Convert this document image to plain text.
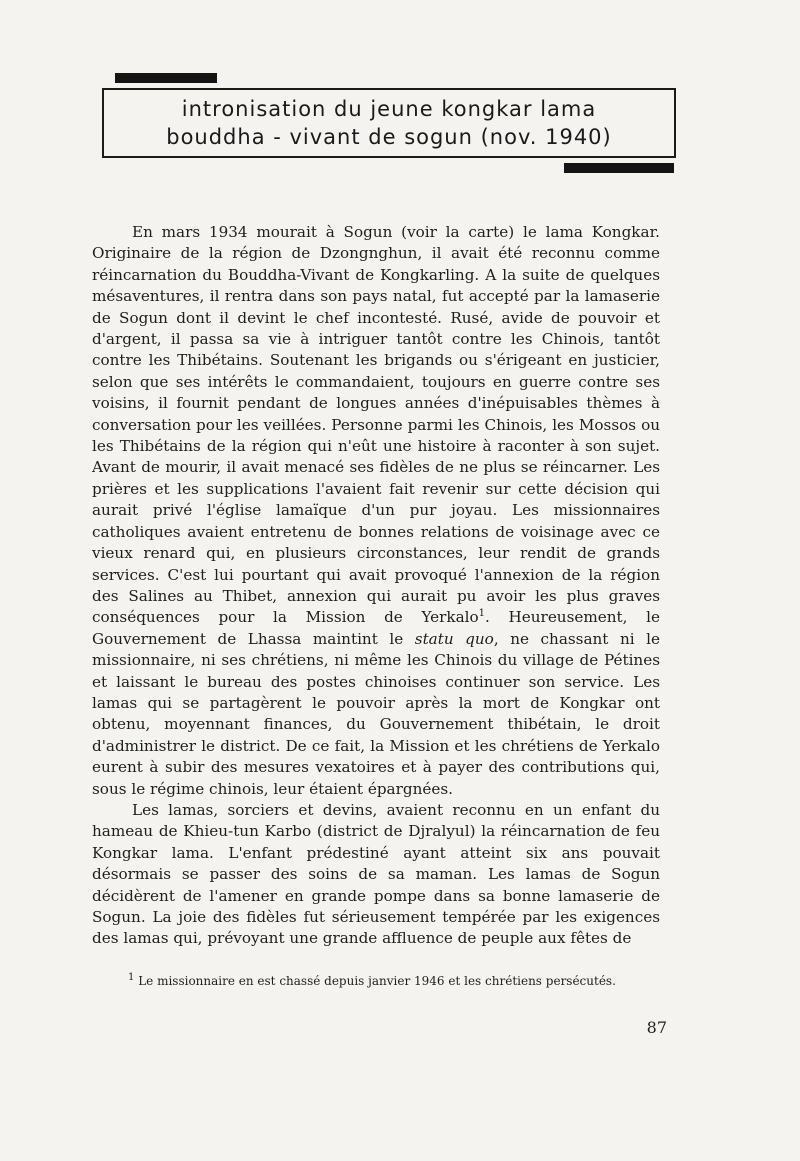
intronisation du jeune kongkar lama
bouddha - vivant de sogun (nov. 1940)

En mars 1934 mourait à Sogun (voir la carte) le lama Kongkar. Originaire de la région de Dzongnghun, il avait été reconnu comme réincarnation du Bouddha-Vivant de Kongkarling. A la suite de quelques mésaventures, il rentra dans son pays natal, fut accepté par la lamaserie de Sogun dont il devint le chef incontesté. Rusé, avide de pouvoir et d'argent, il passa sa vie à intriguer tantôt contre les Chinois, tantôt contre les Thibétains. Soutenant les brigands ou s'érigeant en justicier, selon que ses intérêts le commandaient, toujours en guerre contre ses voisins, il fournit pendant de longues années d'inépuisables thèmes à conversation pour les veillées. Personne parmi les Chinois, les Mossos ou les Thibétains de la région qui n'eût une histoire à raconter à son sujet. Avant de mourir, il avait menacé ses fidèles de ne plus se réincarner. Les prières et les supplications l'avaient fait revenir sur cette décision qui aurait privé l'église lamaïque d'un pur joyau. Les missionnaires catholiques avaient entretenu de bonnes relations de voisinage avec ce vieux renard qui, en plusieurs circonstances, leur rendit de grands services. C'est lui pourtant qui avait provoqué l'annexion de la région des Salines au Thibet, annexion qui aurait pu avoir les plus graves conséquences pour la Mission de Yerkalo$^1$. Heureusement, le Gouvernement de Lhassa maintint le statu quo, ne chassant ni le missionnaire, ni ses chrétiens, ni même les Chinois du village de Pétines et laissant le bureau des postes chinoises continuer son service. Les lamas qui se partagèrent le pouvoir après la mort de Kongkar ont obtenu, moyennant finances, du Gouvernement thibétain, le droit d'administrer le district. De ce fait, la Mission et les chrétiens de Yerkalo eurent à subir des mesures vexatoires et à payer des contributions qui, sous le régime chinois, leur étaient épargnées.

Les lamas, sorciers et devins, avaient reconnu en un enfant du hameau de Khieu-tun Karbo (district de Djralyul) la réincarnation de feu Kongkar lama. L'enfant prédestiné ayant atteint six ans pouvait désormais se passer des soins de sa maman. Les lamas de Sogun décidèrent de l'amener en grande pompe dans sa bonne lamaserie de Sogun. La joie des fidèles fut sérieusement tempérée par les exigences des lamas qui, prévoyant une grande affluence de peuple aux fêtes de

$^1$ Le missionnaire en est chassé depuis janvier 1946 et les chrétiens persécutés.
87
